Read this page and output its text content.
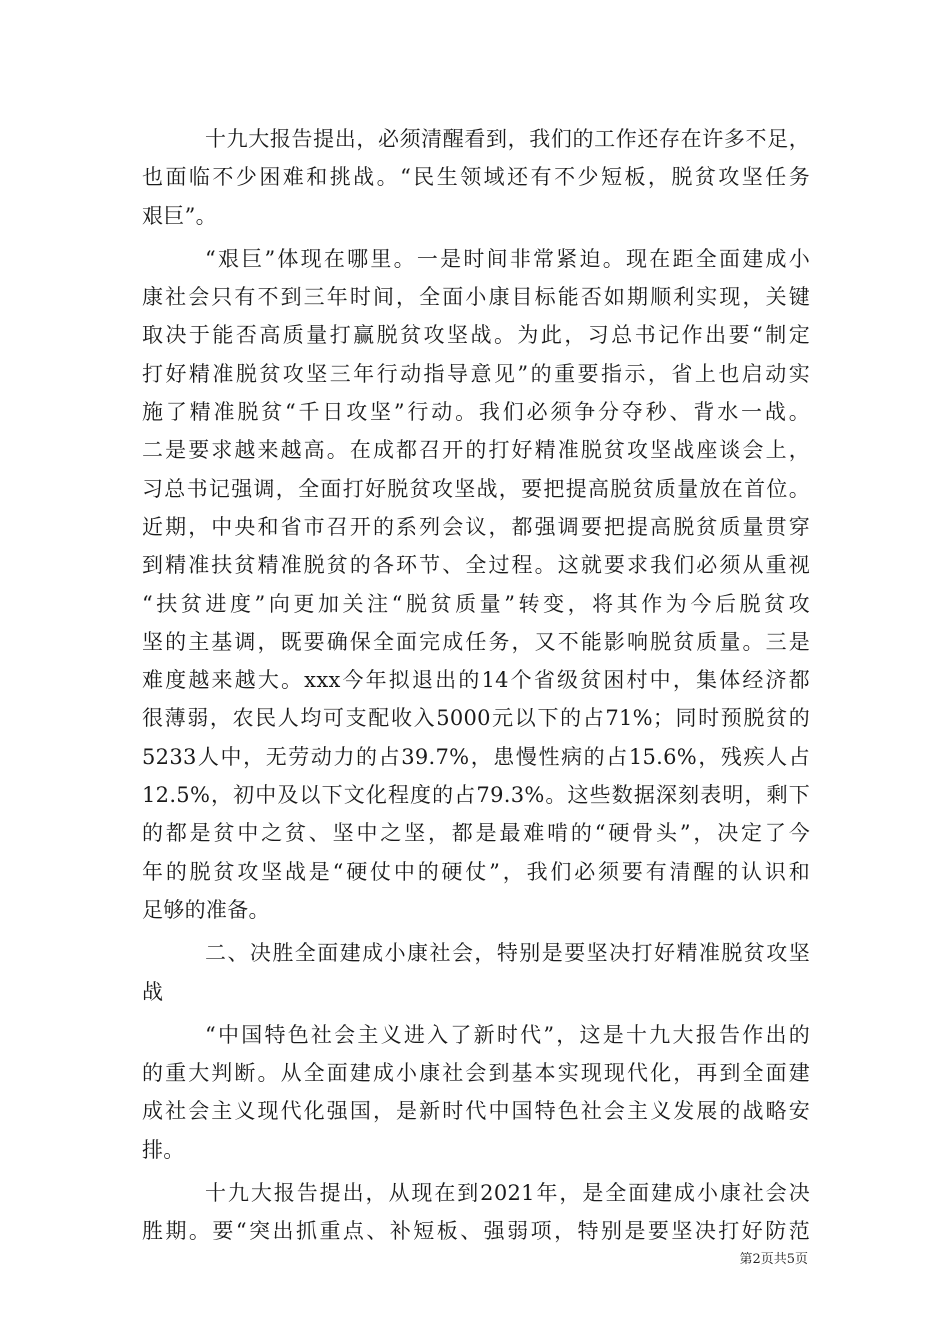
十九大报告提出，必须清醒看到，我们的工作还存在许多不足，
也面临不少困难和挑战。“民生领域还有不少短板，脱贫攻坚任务
艰巨”。
“艰巨”体现在哪里。一是时间非常紧迫。现在距全面建成小
康社会只有不到三年时间，全面小康目标能否如期顺利实现，关键
取决于能否高质量打赢脱贫攻坚战。为此，习总书记作出要“制定
打好精准脱贫攻坚三年行动指导意见”的重要指示，省上也启动实
施了精准脱贫“千日攻坚”行动。我们必须争分夺秒、背水一战。
二是要求越来越高。在成都召开的打好精准脱贫攻坚战座谈会上，
习总书记强调，全面打好脱贫攻坚战，要把提高脱贫质量放在首位。
近期，中央和省市召开的系列会议，都强调要把提高脱贫质量贯穿
到精准扶贫精准脱贫的各环节、全过程。这就要求我们必须从重视
“扶贫进度”向更加关注“脱贫质量”转变，将其作为今后脱贫攻
坚的主基调，既要确保全面完成任务，又不能影响脱贫质量。三是
难度越来越大。xxx今年拟退出的14个省级贫困村中，集体经济都
很薄弱，农民人均可支配收入5000元以下的占71%；同时预脱贫的
5233人中，无劳动力的占39.7%，患慢性病的占15.6%，残疾人占
12.5%，初中及以下文化程度的占79.3%。这些数据深刻表明，剩下
的都是贫中之贫、坚中之坚，都是最难啃的“硬骨头”，决定了今
年的脱贫攻坚战是“硬仗中的硬仗”，我们必须要有清醒的认识和
足够的准备。
二、决胜全面建成小康社会，特别是要坚决打好精准脱贫攻坚
战
“中国特色社会主义进入了新时代”，这是十九大报告作出的
的重大判断。从全面建成小康社会到基本实现现代化，再到全面建
成社会主义现代化强国，是新时代中国特色社会主义发展的战略安
排。
十九大报告提出，从现在到2021年，是全面建成小康社会决
胜期。要“突出抓重点、补短板、强弱项，特别是要坚决打好防范
第2页共5页
